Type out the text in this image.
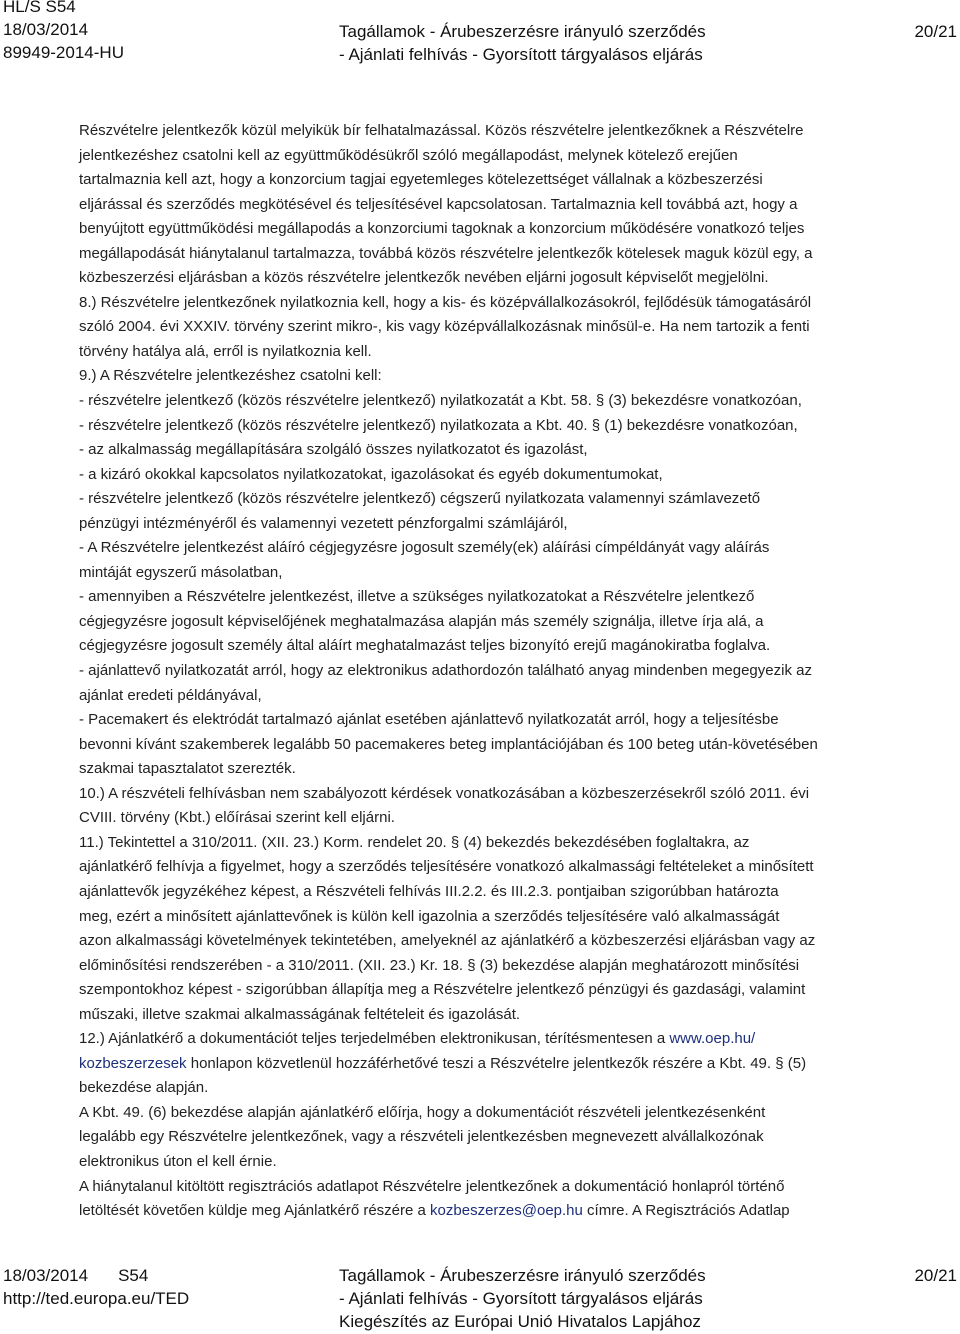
HL/S S54
18/03/2014
89949-2014-HU
Tagállamok - Árubeszerzésre irányuló szerződés
- Ajánlati felhívás - Gyorsított tárgyalásos eljárás
20/21
Részvételre jelentkezők közül melyikük bír felhatalmazással. Közös részvételre jelentkezőknek a Részvételre
jelentkezéshez csatolni kell az együttműködésükről szóló megállapodást, melynek kötelező erejűen
tartalmaznia kell azt, hogy a konzorcium tagjai egyetemleges kötelezettséget vállalnak a közbeszerzési
eljárással és szerződés megkötésével és teljesítésével kapcsolatosan. Tartalmaznia kell továbbá azt, hogy a
benyújtott együttműködési megállapodás a konzorciumi tagoknak a konzorcium működésére vonatkozó teljes
megállapodását hiánytalanul tartalmazza, továbbá közös részvételre jelentkezők kötelesek maguk közül egy, a
közbeszerzési eljárásban a közös részvételre jelentkezők nevében eljárni jogosult képviselőt megjelölni.
8.) Részvételre jelentkezőnek nyilatkoznia kell, hogy a kis- és középvállalkozásokról, fejlődésük támogatásáról
szóló 2004. évi XXXIV. törvény szerint mikro-, kis vagy középvállalkozásnak minősül-e. Ha nem tartozik a fenti
törvény hatálya alá, erről is nyilatkoznia kell.
9.) A Részvételre jelentkezéshez csatolni kell:
- részvételre jelentkező (közös részvételre jelentkező) nyilatkozatát a Kbt. 58. § (3) bekezdésre vonatkozóan,
- részvételre jelentkező (közös részvételre jelentkező) nyilatkozata a Kbt. 40. § (1) bekezdésre vonatkozóan,
- az alkalmasság megállapítására szolgáló összes nyilatkozatot és igazolást,
- a kizáró okokkal kapcsolatos nyilatkozatokat, igazolásokat és egyéb dokumentumokat,
- részvételre jelentkező (közös részvételre jelentkező) cégszerű nyilatkozata valamennyi számlavezető
pénzügyi intézményéről és valamennyi vezetett pénzforgalmi számlájáról,
- A Részvételre jelentkezést aláíró cégjegyzésre jogosult személy(ek) aláírási címpéldányát vagy aláírás
mintáját egyszerű másolatban,
- amennyiben a Részvételre jelentkezést, illetve a szükséges nyilatkozatokat a Részvételre jelentkező
cégjegyzésre jogosult képviselőjének meghatalmazása alapján más személy szignálja, illetve írja alá, a
cégjegyzésre jogosult személy által aláírt meghatalmazást teljes bizonyító erejű magánokiratba foglalva.
- ajánlattevő nyilatkozatát arról, hogy az elektronikus adathordozón található anyag mindenben megegyezik az
ajánlat eredeti példányával,
- Pacemakert és elektródát tartalmazó ajánlat esetében ajánlattevő nyilatkozatát arról, hogy a teljesítésbe
bevonni kívánt szakemberek legalább 50 pacemakeres beteg implantációjában és 100 beteg után-követésében
szakmai tapasztalatot szerezték.
10.) A részvételi felhívásban nem szabályozott kérdések vonatkozásában a közbeszerzésekről szóló 2011. évi
CVIII. törvény (Kbt.) előírásai szerint kell eljárni.
11.) Tekintettel a 310/2011. (XII. 23.) Korm. rendelet 20. § (4) bekezdés bekezdésében foglaltakra, az
ajánlatkérő felhívja a figyelmet, hogy a szerződés teljesítésére vonatkozó alkalmassági feltételeket a minősített
ajánlattevők jegyzékéhez képest, a Részvételi felhívás III.2.2. és III.2.3. pontjaiban szigorúbban határozta
meg, ezért a minősített ajánlattevőnek is külön kell igazolnia a szerződés teljesítésére való alkalmasságát
azon alkalmassági követelmények tekintetében, amelyeknél az ajánlatkérő a közbeszerzési eljárásban vagy az
előminősítési rendszerében - a 310/2011. (XII. 23.) Kr. 18. § (3) bekezdése alapján meghatározott minősítési
szempontokhoz képest - szigorúbban állapítja meg a Részvételre jelentkező pénzügyi és gazdasági, valamint
műszaki, illetve szakmai alkalmasságának feltételeit és igazolását.
12.) Ajánlatkérő a dokumentációt teljes terjedelmében elektronikusan, térítésmentesen a www.oep.hu/
kozbeszerzesek honlapon közvetlenül hozzáférhetővé teszi a Részvételre jelentkezők részére a Kbt. 49. § (5)
bekezdése alapján.
A Kbt. 49. (6) bekezdése alapján ajánlatkérő előírja, hogy a dokumentációt részvételi jelentkezésenként
legalább egy Részvételre jelentkezőnek, vagy a részvételi jelentkezésben megnevezett alvállalkozónak
elektronikus úton el kell érnie.
A hiánytalanul kitöltött regisztrációs adatlapot Részvételre jelentkezőnek a dokumentáció honlapról történő
letöltését követően küldje meg Ajánlatkérő részére a kozbeszerzes@oep.hu címre. A Regisztrációs Adatlap
18/03/2014 S54
http://ted.europa.eu/TED
Tagállamok - Árubeszerzésre irányuló szerződés
- Ajánlati felhívás - Gyorsított tárgyalásos eljárás
Kiegészítés az Európai Unió Hivatalos Lapjához
20/21
